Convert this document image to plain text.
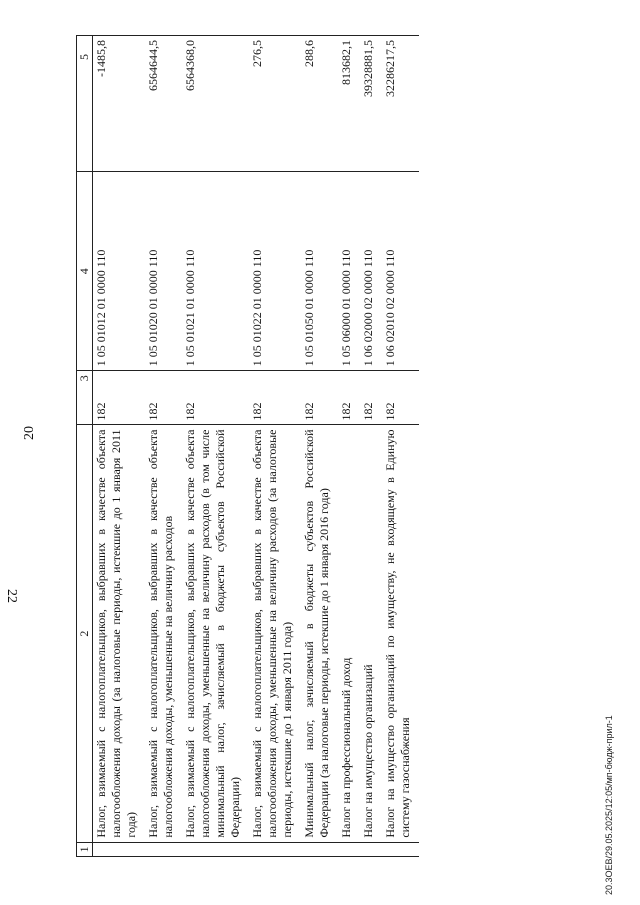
20
1	2	3	4	5
	Налог, взимаемый с налогоплательщиков, выбравших в качестве объекта налогообложения доходы (за налоговые периоды, истекшие до 1 января 2011 года)	182	1 05 01012 01 0000 110	-1485,8
	Налог, взимаемый с налогоплательщиков, выбравших в качестве объекта налогообложения доходы, уменьшенные на величину расходов	182	1 05 01020 01 0000 110	6564644,5
	Налог, взимаемый с налогоплательщиков, выбравших в качестве объекта налогообложения доходы, уменьшенные на величину расходов (в том числе минимальный налог, зачисляемый в бюджеты субъектов Российской Федерации)	182	1 05 01021 01 0000 110	6564368,0
	Налог, взимаемый с налогоплательщиков, выбравших в качестве объекта налогообложения доходы, уменьшенные на величину расходов (за налоговые периоды, истекшие до 1 января 2011 года)	182	1 05 01022 01 0000 110	276,5
	Минимальный налог, зачисляемый в бюджеты субъектов Российской Федерации (за налоговые периоды, истекшие до 1 января 2016 года)	182	1 05 01050 01 0000 110	288,6
	Налог на профессиональный доход	182	1 05 06000 01 0000 110	813682,1
	Налог на имущество организаций	182	1 06 02000 02 0000 110	39328881,5
	Налог на имущество организаций по имуществу, не входящему в Единую систему газоснабжения	182	1 06 02010 02 0000 110	32286217,5
20.3ОЕВ/29.05.2025/12:05/мп-бюдж-прил-1
22
